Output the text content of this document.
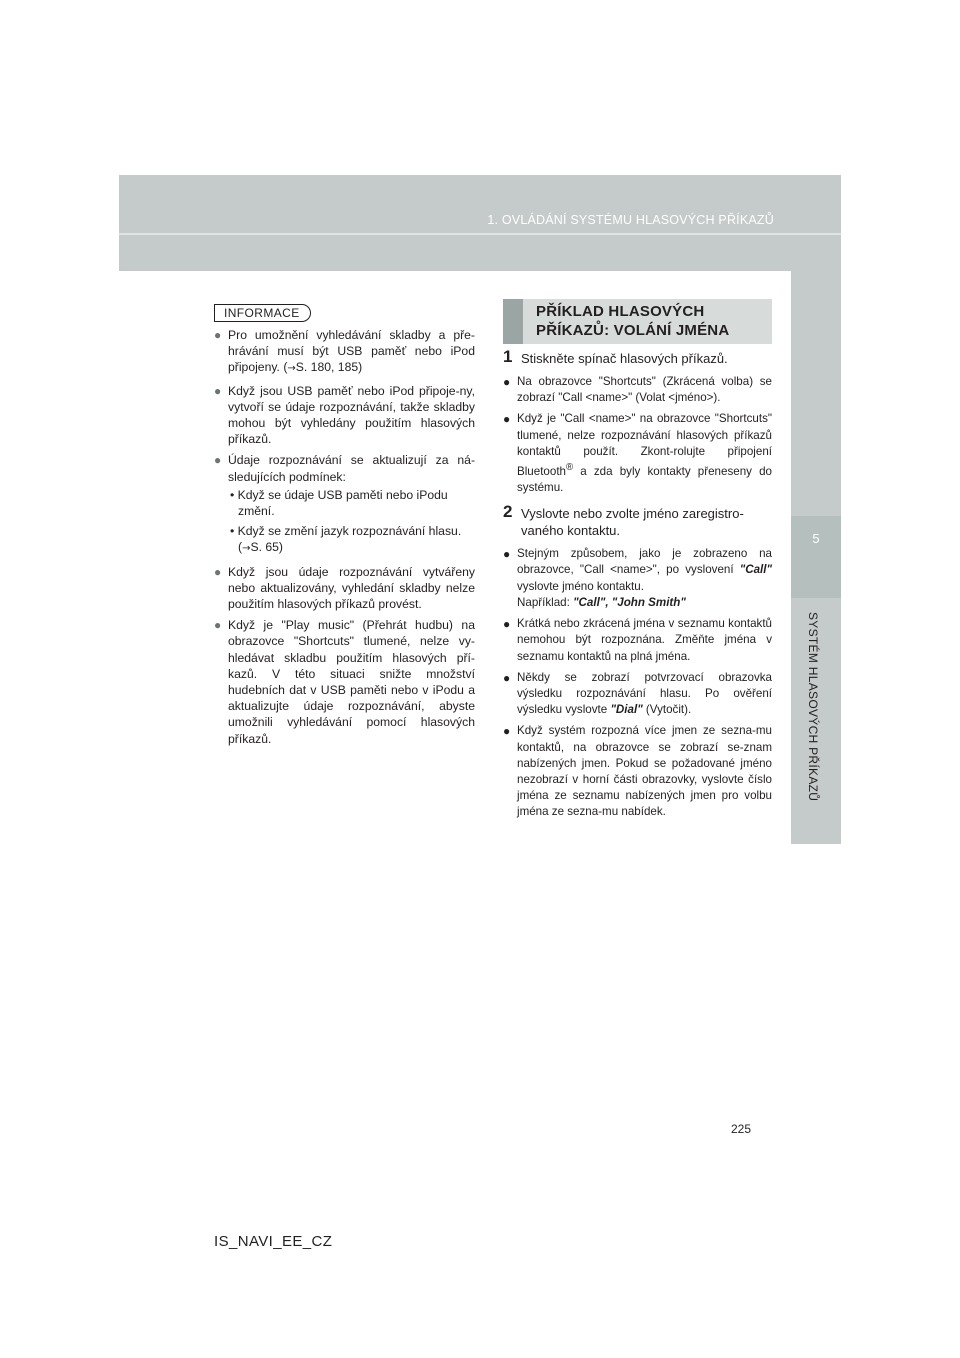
1. OVLÁDÁNÍ SYSTÉMU HLASOVÝCH PŘÍKAZŮ
5
SYSTÉM HLASOVÝCH PŘÍKAZŮ
INFORMACE
● Pro umožnění vyhledávání skladby a pře-hrávání musí být USB paměť nebo iPod připojeny. (→S. 180, 185)
● Když jsou USB paměť nebo iPod připoje-ny, vytvoří se údaje rozpoznávání, takže skladby mohou být vyhledány použitím hlasových příkazů.
● Údaje rozpoznávání se aktualizují za ná-sledujících podmínek:
• Když se údaje USB paměti nebo iPodu změní.
• Když se změní jazyk rozpoznávání hlasu.
(→S. 65)
● Když jsou údaje rozpoznávání vytvářeny nebo aktualizovány, vyhledání skladby nelze použitím hlasových příkazů provést.
● Když je "Play music" (Přehrát hudbu) na obrazovce "Shortcuts" tlumené, nelze vy-hledávat skladbu použitím hlasových pří-kazů. V této situaci snižte množství hudebních dat v USB paměti nebo v iPodu a aktualizujte údaje rozpoznávání, abyste umožnili vyhledávání pomocí hlasových příkazů.
PŘÍKLAD HLASOVÝCH
PŘÍKAZŮ: VOLÁNÍ JMÉNA
1 Stiskněte spínač hlasových příkazů.
● Na obrazovce "Shortcuts" (Zkrácená volba) se zobrazí "Call <name>" (Volat <jméno>).
● Když je "Call <name>" na obrazovce "Shortcuts" tlumené, nelze rozpoznávání hlasových příkazů kontaktů použít. Zkont-rolujte připojení Bluetooth® a zda byly kontakty přeneseny do systému.
2 Vyslovte nebo zvolte jméno zaregistro-vaného kontaktu.
● Stejným způsobem, jako je zobrazeno na obrazovce, "Call <name>", po vyslovení "Call" vyslovte jméno kontaktu.
Například: "Call", "John Smith"
● Krátká nebo zkrácená jména v seznamu kontaktů nemohou být rozpoznána. Změňte jména v seznamu kontaktů na plná jména.
● Někdy se zobrazí potvrzovací obrazovka výsledku rozpoznávání hlasu. Po ověření výsledku vyslovte "Dial" (Vytočit).
● Když systém rozpozná více jmen ze sezna-mu kontaktů, na obrazovce se zobrazí se-znam nabízených jmen. Pokud se požadované jméno nezobrazí v horní části obrazovky, vyslovte číslo jména ze seznamu nabízených jmen pro volbu jména ze sezna-mu nabídek.
225
IS_NAVI_EE_CZ
